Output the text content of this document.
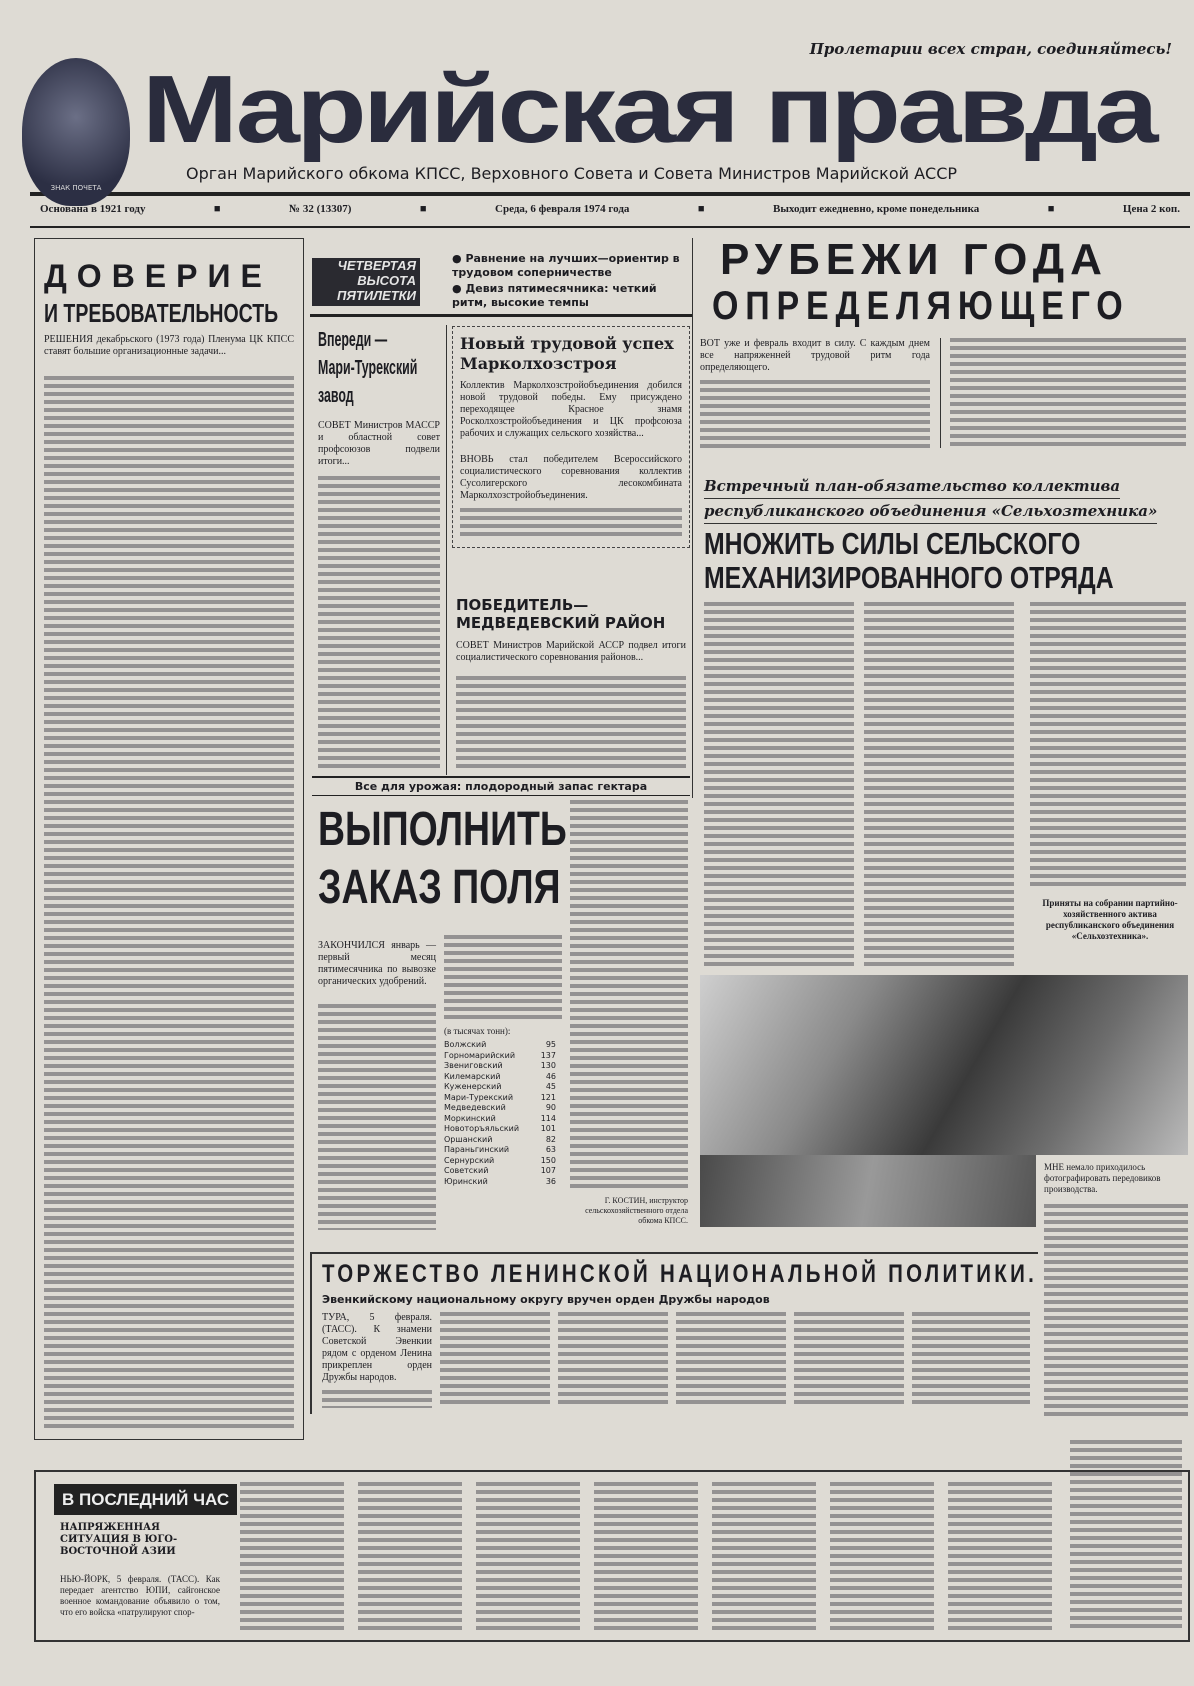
Пролетарии всех стран, соединяйтесь!
ЗНАК ПОЧЕТА
Марийская правда
Орган Марийского обкома КПСС, Верховного Совета и Совета Министров Марийской АССР
Основана в 1921 году	■	№ 32 (13307)	■	Среда, 6 февраля 1974 года	■	Выходит ежедневно, кроме понедельника	■	Цена 2 коп.
ДОВЕРИЕ
И ТРЕБОВАТЕЛЬНОСТЬ
РЕШЕНИЯ декабрьского (1973 года) Пленума ЦК КПСС ставят большие организационные задачи...
ЧЕТВЕРТАЯ
ВЫСОТА
ПЯТИЛЕТКИ
● Равнение на лучших—ориентир в трудовом соперничестве
● Девиз пятимесячника: четкий ритм, высокие темпы
Впереди —
Мари-Турекский
завод
СОВЕТ Министров МАССР и областной совет профсоюзов подвели итоги...
Новый трудовой успех Марколхозстроя
Коллектив Марколхозстройобъединения добился новой трудовой победы. Ему присуждено переходящее Красное знамя Росколхозстройобъединения и ЦК профсоюза рабочих и служащих сельского хозяйства...
ВНОВЬ стал победителем Всероссийского социалистического соревнования коллектив Сусолигерского лесокомбината Марколхозстройобъединения.
ПОБЕДИТЕЛЬ— МЕДВЕДЕВСКИЙ РАЙОН
СОВЕТ Министров Марийской АССР подвел итоги социалистического соревнования районов...
Все для урожая: плодородный запас гектара
ВЫПОЛНИТЬ
ЗАКАЗ ПОЛЯ
ЗАКОНЧИЛСЯ январь — первый месяц пятимесячника по вывозке органических удобрений.
(в тысячах тонн):
Волжский	95
Горномарийский	137
Звениговский	130
Килемарский	46
Куженерский	45
Мари-Турекский	121
Медведевский	90
Моркинский	114
Новоторъяльский	101
Оршанский	82
Параньгинский	63
Сернурский	150
Советский	107
Юринский	36
Г. КОСТИН, инструктор сельскохозяйственного отдела обкома КПСС.
РУБЕЖИ ГОДА
ОПРЕДЕЛЯЮЩЕГО
ВОТ уже и февраль входит в силу. С каждым днем все напряженней трудовой ритм года определяющего.
Встречный план-обязательство коллектива
республиканского объединения «Сельхозтехника»
МНОЖИТЬ СИЛЫ СЕЛЬСКОГО
МЕХАНИЗИРОВАННОГО ОТРЯДА
Приняты на собрании партийно-хозяйственного актива республиканского объединения «Сельхозтехника».
МНЕ немало приходилось фотографировать передовиков производства.
ТОРЖЕСТВО ЛЕНИНСКОЙ НАЦИОНАЛЬНОЙ ПОЛИТИКИ.
Эвенкийскому национальному округу вручен орден Дружбы народов
ТУРА, 5 февраля. (ТАСС). К знамени Советской Эвенкии рядом с орденом Ленина прикреплен орден Дружбы народов.
В ПОСЛЕДНИЙ ЧАС
НАПРЯЖЕННАЯ СИТУАЦИЯ В ЮГО-ВОСТОЧНОЙ АЗИИ
НЬЮ-ЙОРК, 5 февраля. (ТАСС). Как передает агентство ЮПИ, сайгонское военное командование объявило о том, что его войска «патрулируют спор-
